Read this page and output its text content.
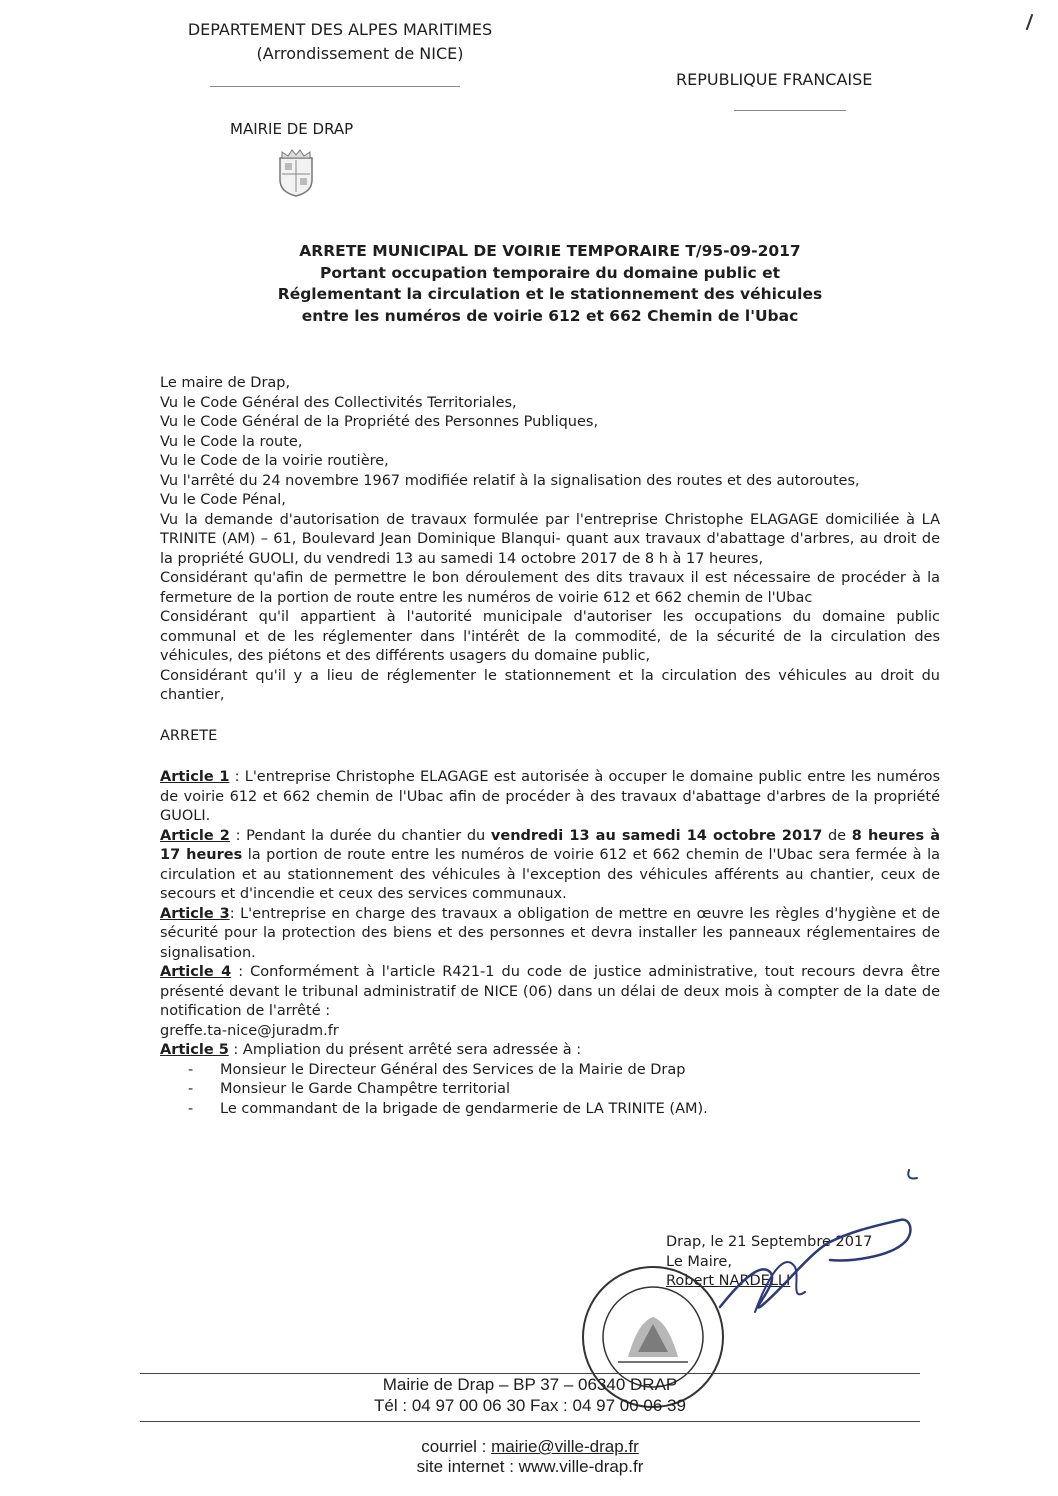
DEPARTEMENT DES ALPES MARITIMES
(Arrondissement de NICE)
REPUBLIQUE FRANCAISE
MAIRIE DE DRAP
ARRETE MUNICIPAL DE VOIRIE TEMPORAIRE T/95-09-2017
Portant occupation temporaire du domaine public et
Réglementant la circulation et le stationnement des véhicules
entre les numéros de voirie 612 et 662 Chemin de l'Ubac

Le maire de Drap,

Vu le Code Général des Collectivités Territoriales,

Vu le Code Général de la Propriété des Personnes Publiques,

Vu le Code la route,

Vu le Code de la voirie routière,

Vu l'arrêté du 24 novembre 1967 modifiée relatif à la signalisation des routes et des autoroutes,

Vu le Code Pénal,

Vu la demande d'autorisation de travaux formulée par l'entreprise Christophe ELAGAGE domiciliée à LA TRINITE (AM) – 61, Boulevard Jean Dominique Blanqui- quant aux travaux d'abattage d'arbres, au droit de la propriété GUOLI, du vendredi 13 au samedi 14 octobre 2017 de 8 h à 17 heures,

Considérant qu'afin de permettre le bon déroulement des dits travaux il est nécessaire de procéder à la fermeture de la portion de route entre les numéros de voirie 612 et 662 chemin de l'Ubac

Considérant qu'il appartient à l'autorité municipale d'autoriser les occupations du domaine public communal et de les réglementer dans l'intérêt de la commodité, de la sécurité de la circulation des véhicules, des piétons et des différents usagers du domaine public,

Considérant qu'il y a lieu de réglementer le stationnement et la circulation des véhicules au droit du chantier,

ARRETE

Article 1 : L'entreprise Christophe ELAGAGE est autorisée à occuper le domaine public entre les numéros de voirie 612 et 662 chemin de l'Ubac afin de procéder à des travaux d'abattage d'arbres de la propriété GUOLI.

Article 2 : Pendant la durée du chantier du vendredi 13 au samedi 14 octobre 2017 de 8 heures à 17 heures la portion de route entre les numéros de voirie 612 et 662 chemin de l'Ubac sera fermée à la circulation et au stationnement des véhicules à l'exception des véhicules afférents au chantier, ceux de secours et d'incendie et ceux des services communaux.

Article 3: L'entreprise en charge des travaux a obligation de mettre en œuvre les règles d'hygiène et de sécurité pour la protection des biens et des personnes et devra installer les panneaux réglementaires de signalisation.

Article 4 : Conformément à l'article R421-1 du code de justice administrative, tout recours devra être présenté devant le tribunal administratif de NICE (06) dans un délai de deux mois à compter de la date de notification de l'arrêté :

greffe.ta-nice@juradm.fr

Article 5 : Ampliation du présent arrêté sera adressée à :

- Monsieur le Directeur Général des Services de la Mairie de Drap
- Monsieur le Garde Champêtre territorial
- Le commandant de la brigade de gendarmerie de LA TRINITE (AM).
Drap, le 21 Septembre 2017
Le Maire,
Robert NARDELLI
Mairie de Drap – BP 37 – 06340 DRAP
Tél : 04 97 00 06 30 Fax : 04 97 00 06 39
courriel : mairie@ville-drap.fr
site internet : www.ville-drap.fr
